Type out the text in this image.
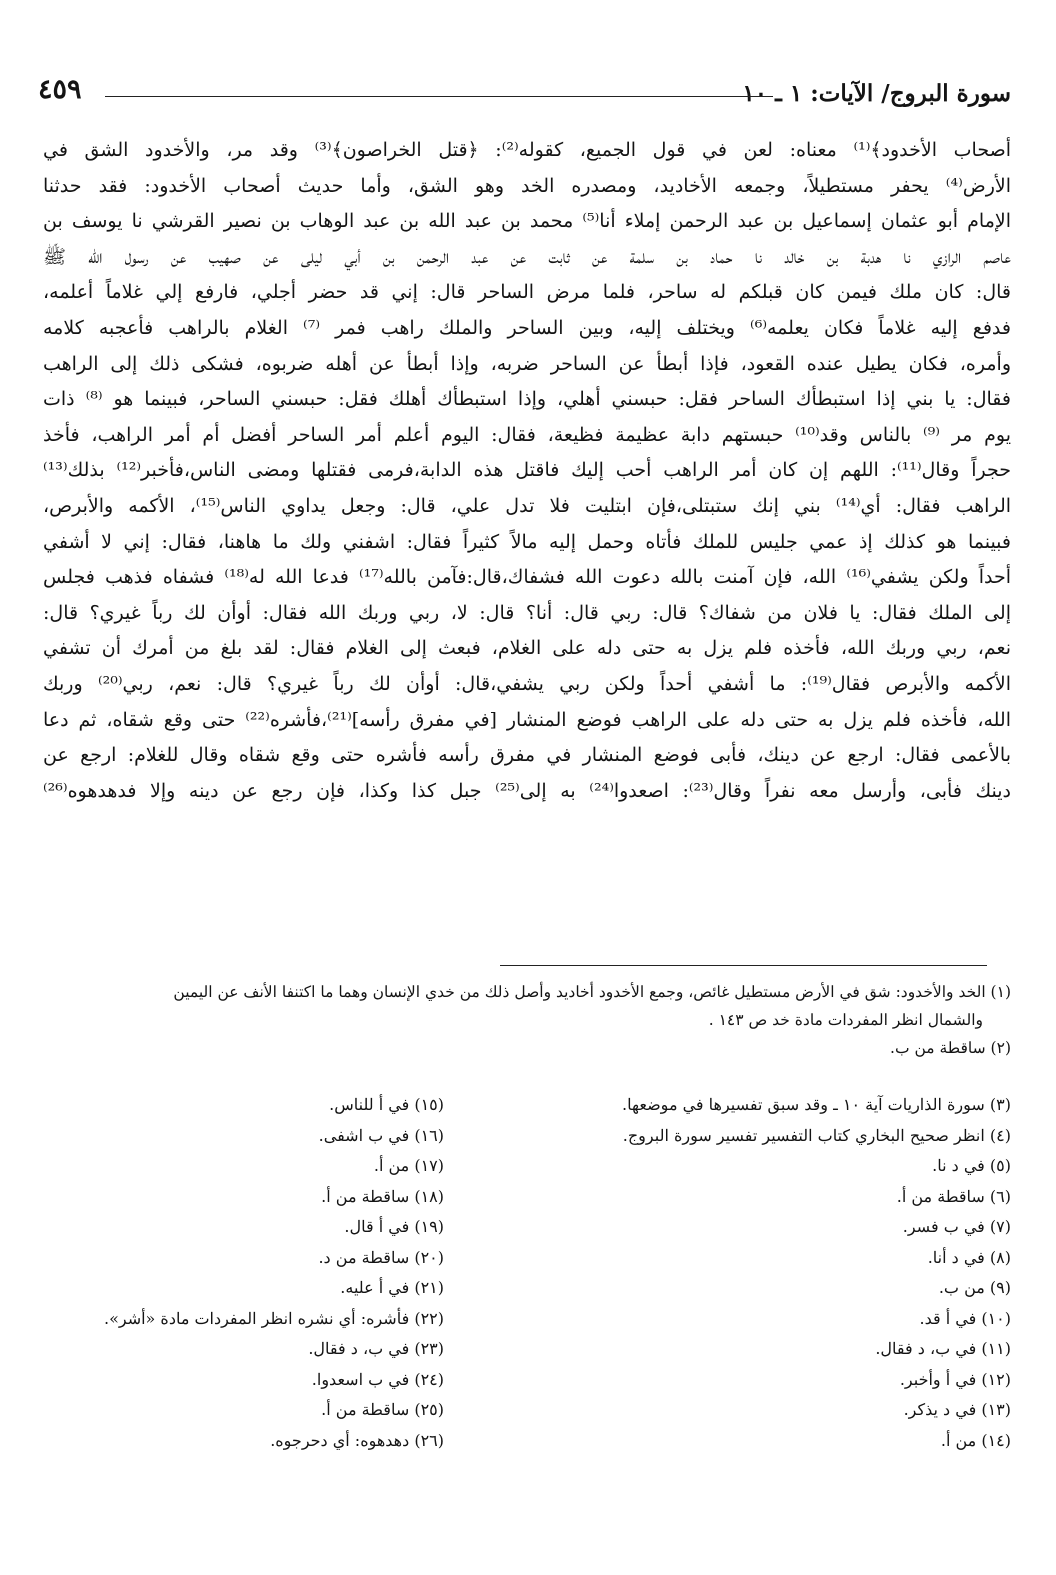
سورة البروج/ الآيات: ١ ـ ١٠
٤٥٩
أصحاب الأخدود﴾⁽¹⁾ معناه: لعن في قول الجميع، كقوله⁽²⁾: ﴿قتل الخراصون﴾⁽³⁾ وقد مر، والأخدود الشق في
الأرض⁽⁴⁾ يحفر مستطيلاً، وجمعه الأخاديد، ومصدره الخد وهو الشق، وأما حديث أصحاب الأخدود: فقد حدثنا
الإمام أبو عثمان إسماعيل بن عبد الرحمن إملاء أنا⁽⁵⁾ محمد بن عبد الله بن عبد الوهاب بن نصير القرشي نا يوسف بن
عاصم الرازي نا هدبة بن خالد نا حماد بن سلمة عن ثابت عن عبد الرحمن بن أبي ليلى عن صهيب عن رسول الله ﷺ
قال: كان ملك فيمن كان قبلكم له ساحر، فلما مرض الساحر قال: إني قد حضر أجلي، فارفع إلي غلاماً أعلمه،
فدفع إليه غلاماً فكان يعلمه⁽⁶⁾ ويختلف إليه، وبين الساحر والملك راهب فمر ⁽⁷⁾ الغلام بالراهب فأعجبه كلامه
وأمره، فكان يطيل عنده القعود، فإذا أبطأ عن الساحر ضربه، وإذا أبطأ عن أهله ضربوه، فشكى ذلك إلى الراهب
فقال: يا بني إذا استبطأك الساحر فقل: حبسني أهلي، وإذا استبطأك أهلك فقل: حبسني الساحر، فبينما هو ⁽⁸⁾ ذات
يوم مر ⁽⁹⁾ بالناس وقد⁽¹⁰⁾ حبستهم دابة عظيمة فظيعة، فقال: اليوم أعلم أمر الساحر أفضل أم أمر الراهب، فأخذ
حجراً وقال⁽¹¹⁾: اللهم إن كان أمر الراهب أحب إليك فاقتل هذه الدابة،فرمى فقتلها ومضى الناس،فأخبر⁽¹²⁾ بذلك⁽¹³⁾
الراهب فقال: أي⁽¹⁴⁾ بني إنك ستبتلى،فإن ابتليت فلا تدل علي، قال: وجعل يداوي الناس⁽¹⁵⁾، الأكمه والأبرص،
فبينما هو كذلك إذ عمي جليس للملك فأتاه وحمل إليه مالاً كثيراً فقال: اشفني ولك ما هاهنا، فقال: إني لا أشفي
أحداً ولكن يشفي⁽¹⁶⁾ الله، فإن آمنت بالله دعوت الله فشفاك،قال:فآمن بالله⁽¹⁷⁾ فدعا الله له⁽¹⁸⁾ فشفاه فذهب فجلس
إلى الملك فقال: يا فلان من شفاك؟ قال: ربي قال: أنا؟ قال: لا، ربي وربك الله فقال: أوأن لك رباً غيري؟ قال:
نعم، ربي وربك الله، فأخذه فلم يزل به حتى دله على الغلام، فبعث إلى الغلام فقال: لقد بلغ من أمرك أن تشفي
الأكمه والأبرص فقال⁽¹⁹⁾: ما أشفي أحداً ولكن ربي يشفي،قال: أوأن لك رباً غيري؟ قال: نعم، ربي⁽²⁰⁾ وربك
الله، فأخذه فلم يزل به حتى دله على الراهب فوضع المنشار [في مفرق رأسه]⁽²¹⁾،فأشره⁽²²⁾ حتى وقع شقاه، ثم دعا
بالأعمى فقال: ارجع عن دينك، فأبى فوضع المنشار في مفرق رأسه فأشره حتى وقع شقاه وقال للغلام: ارجع عن
دينك فأبى، وأرسل معه نفراً وقال⁽²³⁾: اصعدوا⁽²⁴⁾ به إلى⁽²⁵⁾ جبل كذا وكذا، فإن رجع عن دينه وإلا فدهدهوه⁽²⁶⁾
(١) الخد والأخدود: شق في الأرض مستطيل غائص، وجمع الأخدود أخاديد وأصل ذلك من خدي الإنسان وهما ما اكتنفا الأنف عن اليمين
والشمال انظر المفردات مادة خد ص ١٤٣ .
(٢) ساقطة من ب.
(٣) سورة الذاريات آية ١٠ ـ وقد سبق تفسيرها في موضعها.
(٤) انظر صحيح البخاري كتاب التفسير تفسير سورة البروج.
(٥) في د نا.
(٦) ساقطة من أ.
(٧) في ب فسر.
(٨) في د أنا.
(٩) من ب.
(١٠) في أ قد.
(١١) في ب، د فقال.
(١٢) في أ وأخبر.
(١٣) في د يذكر.
(١٤) من أ.
(١٥) في أ للناس.
(١٦) في ب اشفى.
(١٧) من أ.
(١٨) ساقطة من أ.
(١٩) في أ قال.
(٢٠) ساقطة من د.
(٢١) في أ عليه.
(٢٢) فأشره: أي نشره انظر المفردات مادة «أشر».
(٢٣) في ب، د فقال.
(٢٤) في ب اسعدوا.
(٢٥) ساقطة من أ.
(٢٦) دهدهوه: أي دحرجوه.
